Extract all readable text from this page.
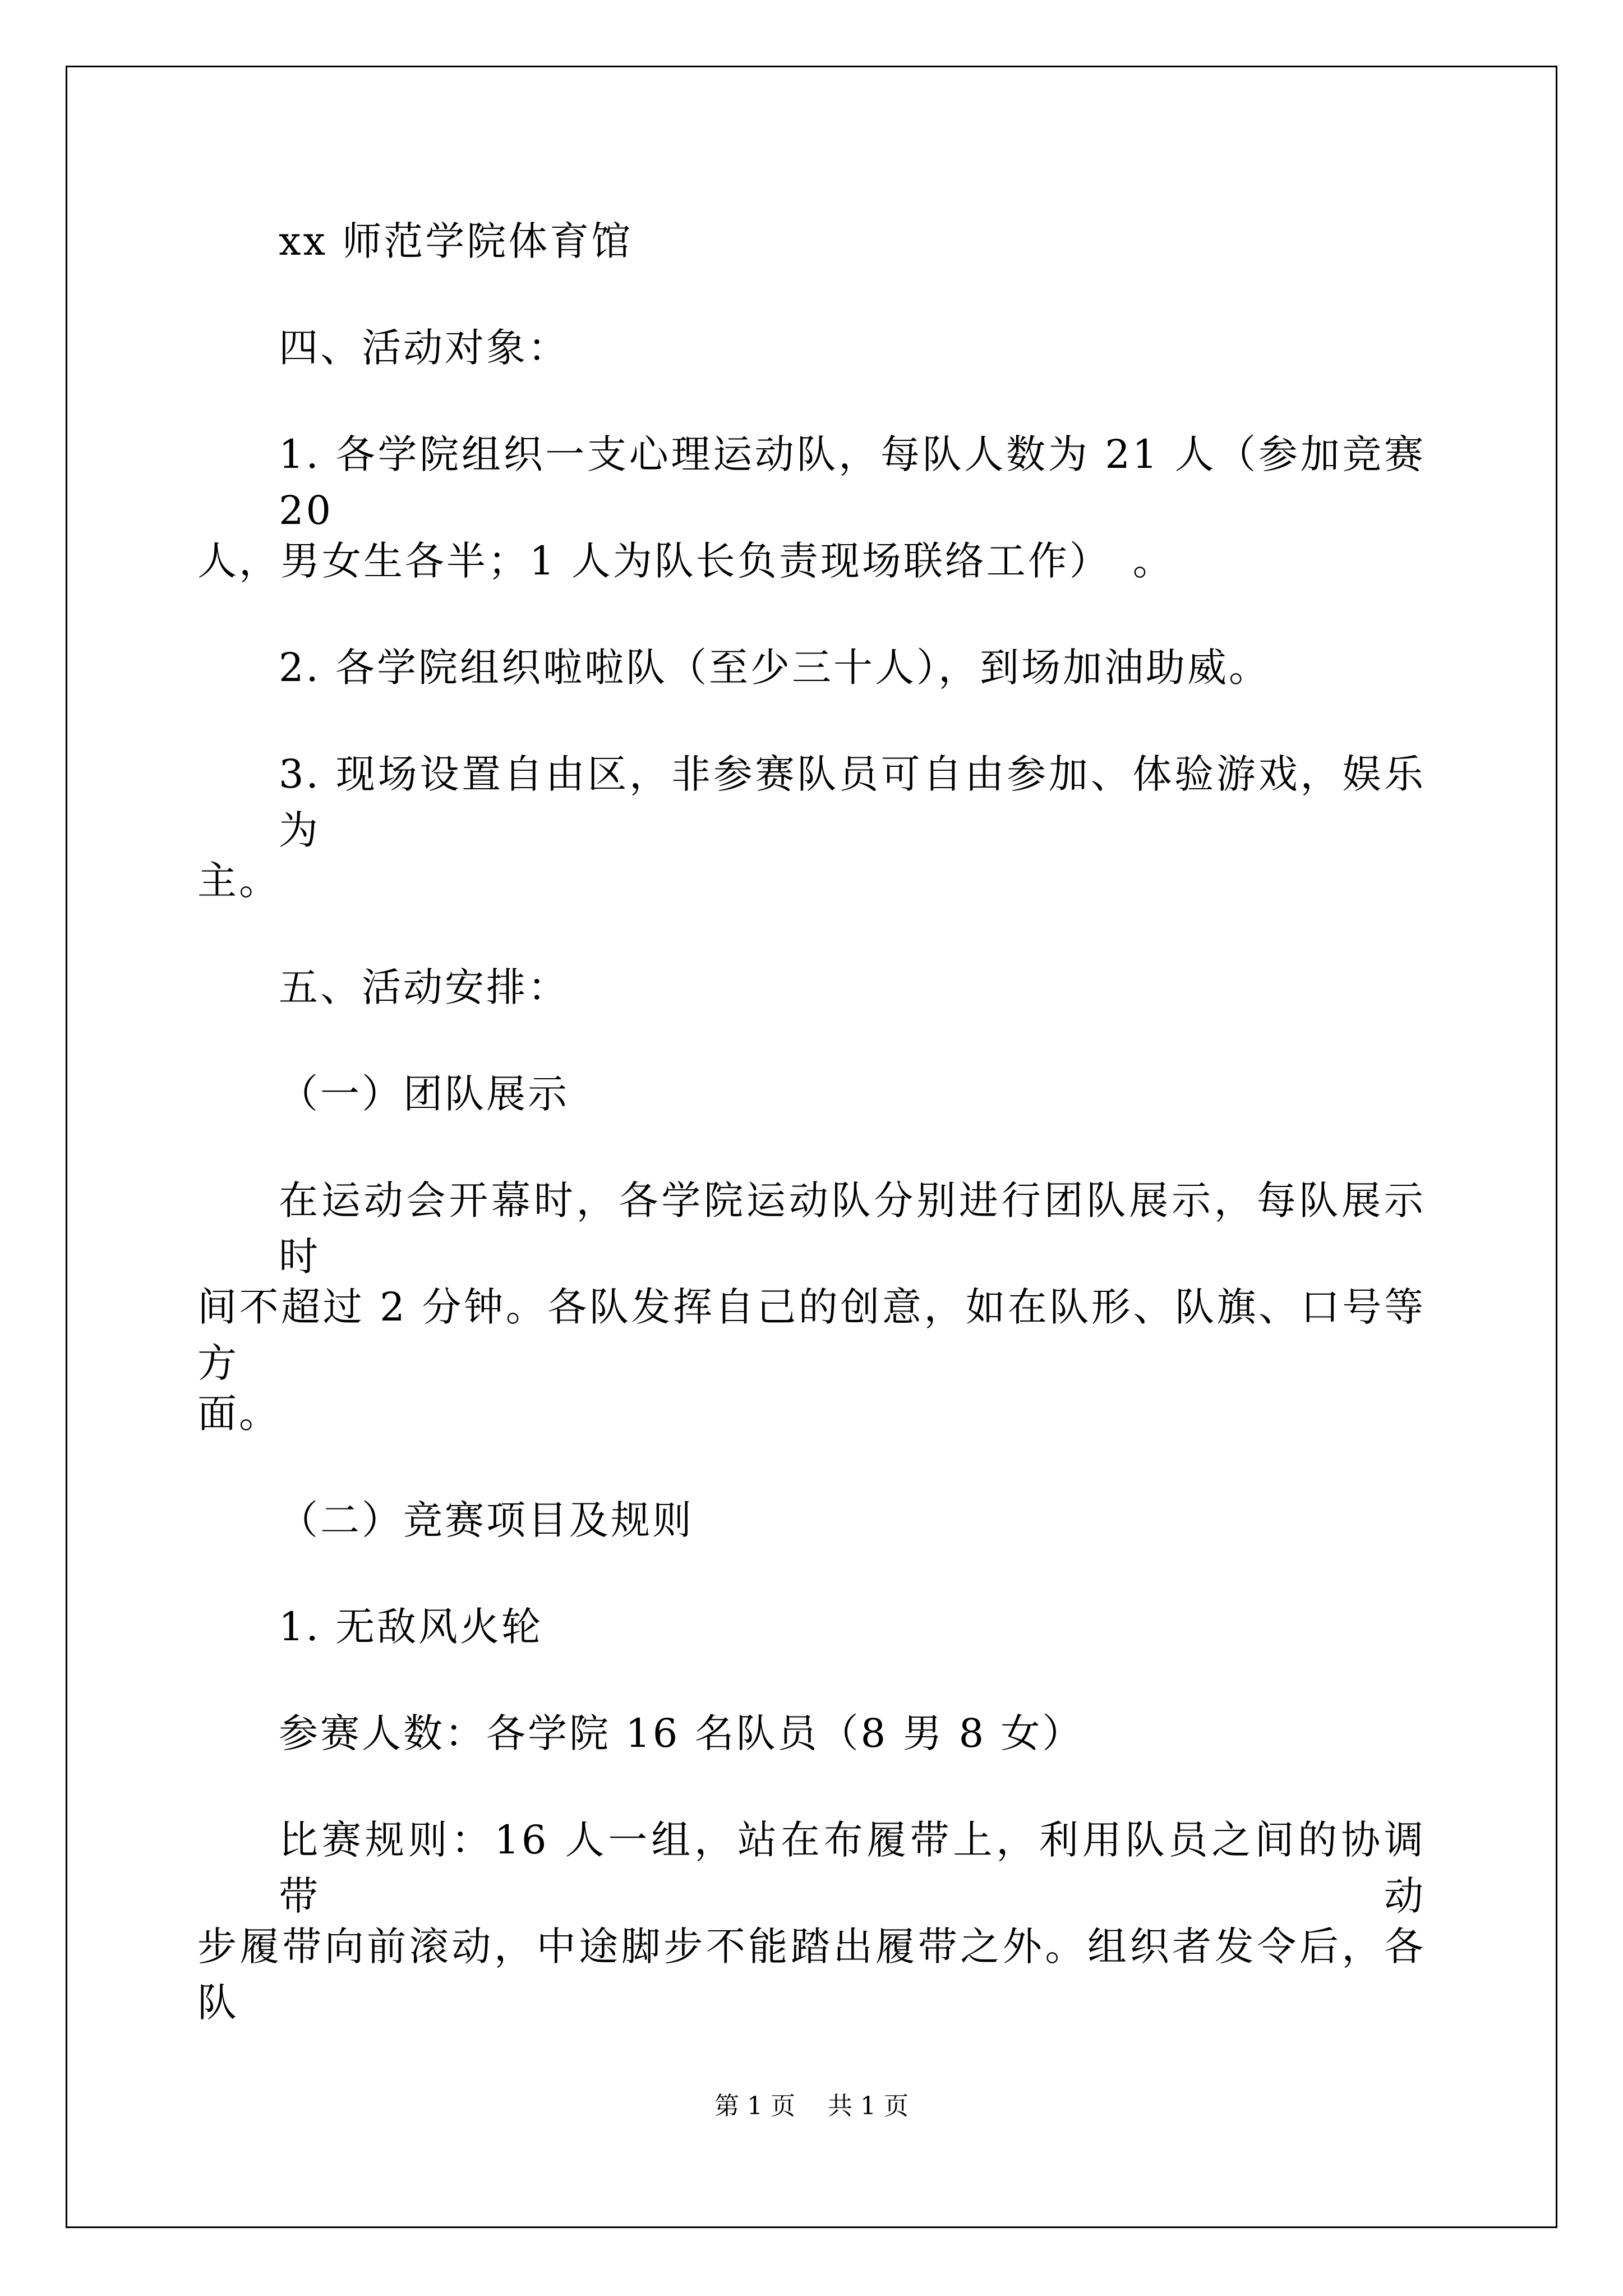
xx 师范学院体育馆
四、活动对象：
1. 各学院组织一支心理运动队，每队人数为 21 人（参加竞赛 20
人，男女生各半；1 人为队长负责现场联络工作）　。
2. 各学院组织啦啦队（至少三十人），到场加油助威。
3. 现场设置自由区，非参赛队员可自由参加、体验游戏，娱乐为
主。
五、活动安排：
（一）团队展示
在运动会开幕时，各学院运动队分别进行团队展示，每队展示时
间不超过 2 分钟。各队发挥自己的创意，如在队形、队旗、口号等方
面。
（二）竞赛项目及规则
1. 无敌风火轮
参赛人数：各学院 16 名队员（8 男 8 女）
比赛规则：16 人一组，站在布履带上，利用队员之间的协调带动
步履带向前滚动，中途脚步不能踏出履带之外。组织者发令后，各队
第 1 页　 共 1 页
